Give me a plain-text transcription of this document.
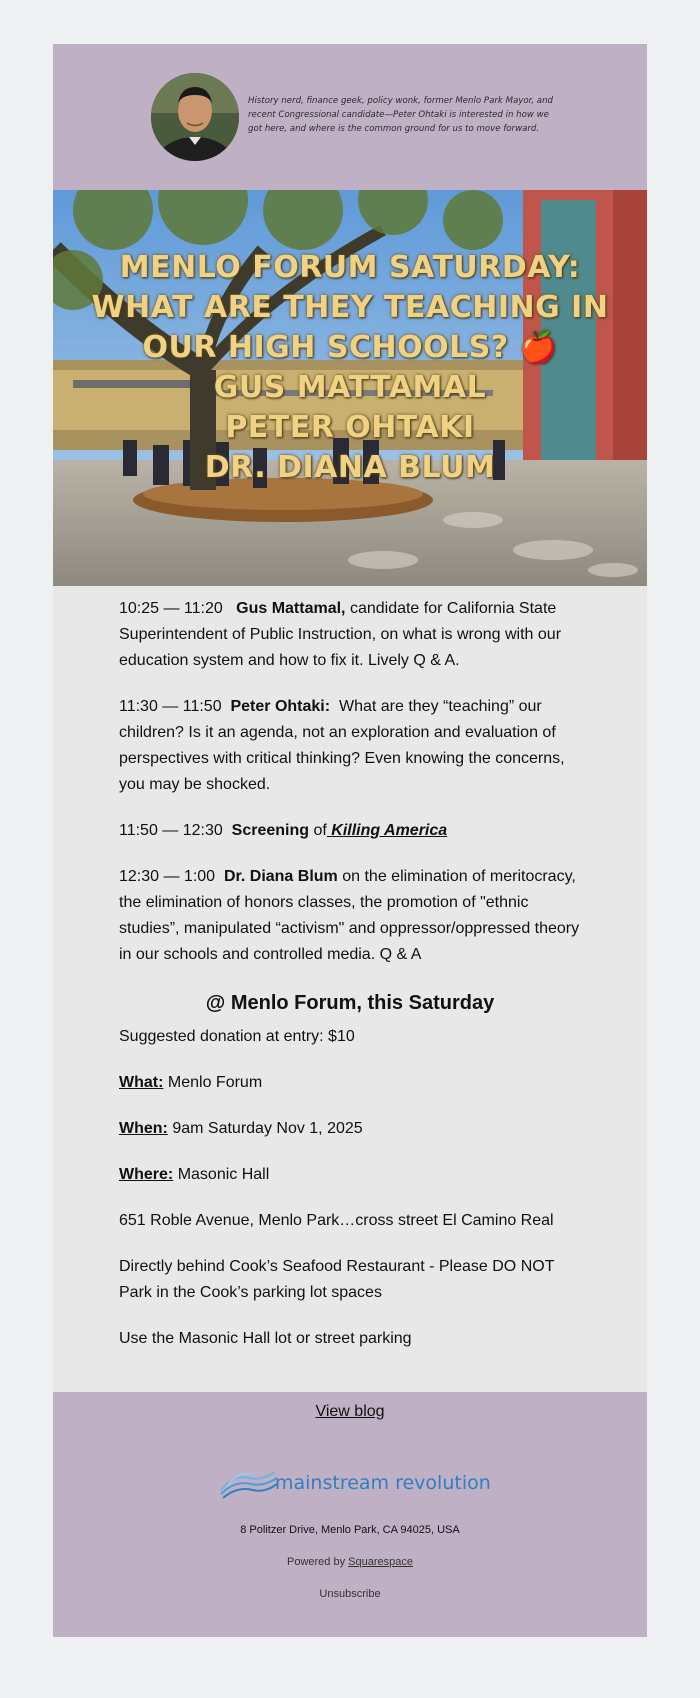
History nerd, finance geek, policy wonk, former Menlo Park Mayor, and recent Congressional candidate—Peter Ohtaki is interested in how we got here, and where is the common ground for us to move forward.
MENLO FORUM SATURDAY:
WHAT ARE THEY TEACHING IN
OUR HIGH SCHOOLS? 🍎
GUS MATTAMAL
PETER OHTAKI
DR. DIANA BLUM

10:25 — 11:20 Gus Mattamal, candidate for California State Superintendent of Public Instruction, on what is wrong with our education system and how to fix it. Lively Q & A.

11:30 — 11:50 Peter Ohtaki: What are they “teaching” our children? Is it an agenda, not an exploration and evaluation of perspectives with critical thinking? Even knowing the concerns, you may be shocked.

11:50 — 12:30 Screening of Killing America

12:30 — 1:00 Dr. Diana Blum on the elimination of meritocracy, the elimination of honors classes, the promotion of "ethnic studies”, manipulated “activism" and oppressor/oppressed theory in our schools and controlled media. Q & A

@ Menlo Forum, this Saturday

Suggested donation at entry: $10

What: Menlo Forum

When: 9am Saturday Nov 1, 2025

Where: Masonic Hall

651 Roble Avenue, Menlo Park…cross street El Camino Real

Directly behind Cook’s Seafood Restaurant - Please DO NOT Park in the Cook’s parking lot spaces

Use the Masonic Hall lot or street parking

View blog
mainstream revolution
8 Politzer Drive, Menlo Park, CA 94025, USA
Powered by Squarespace
Unsubscribe
